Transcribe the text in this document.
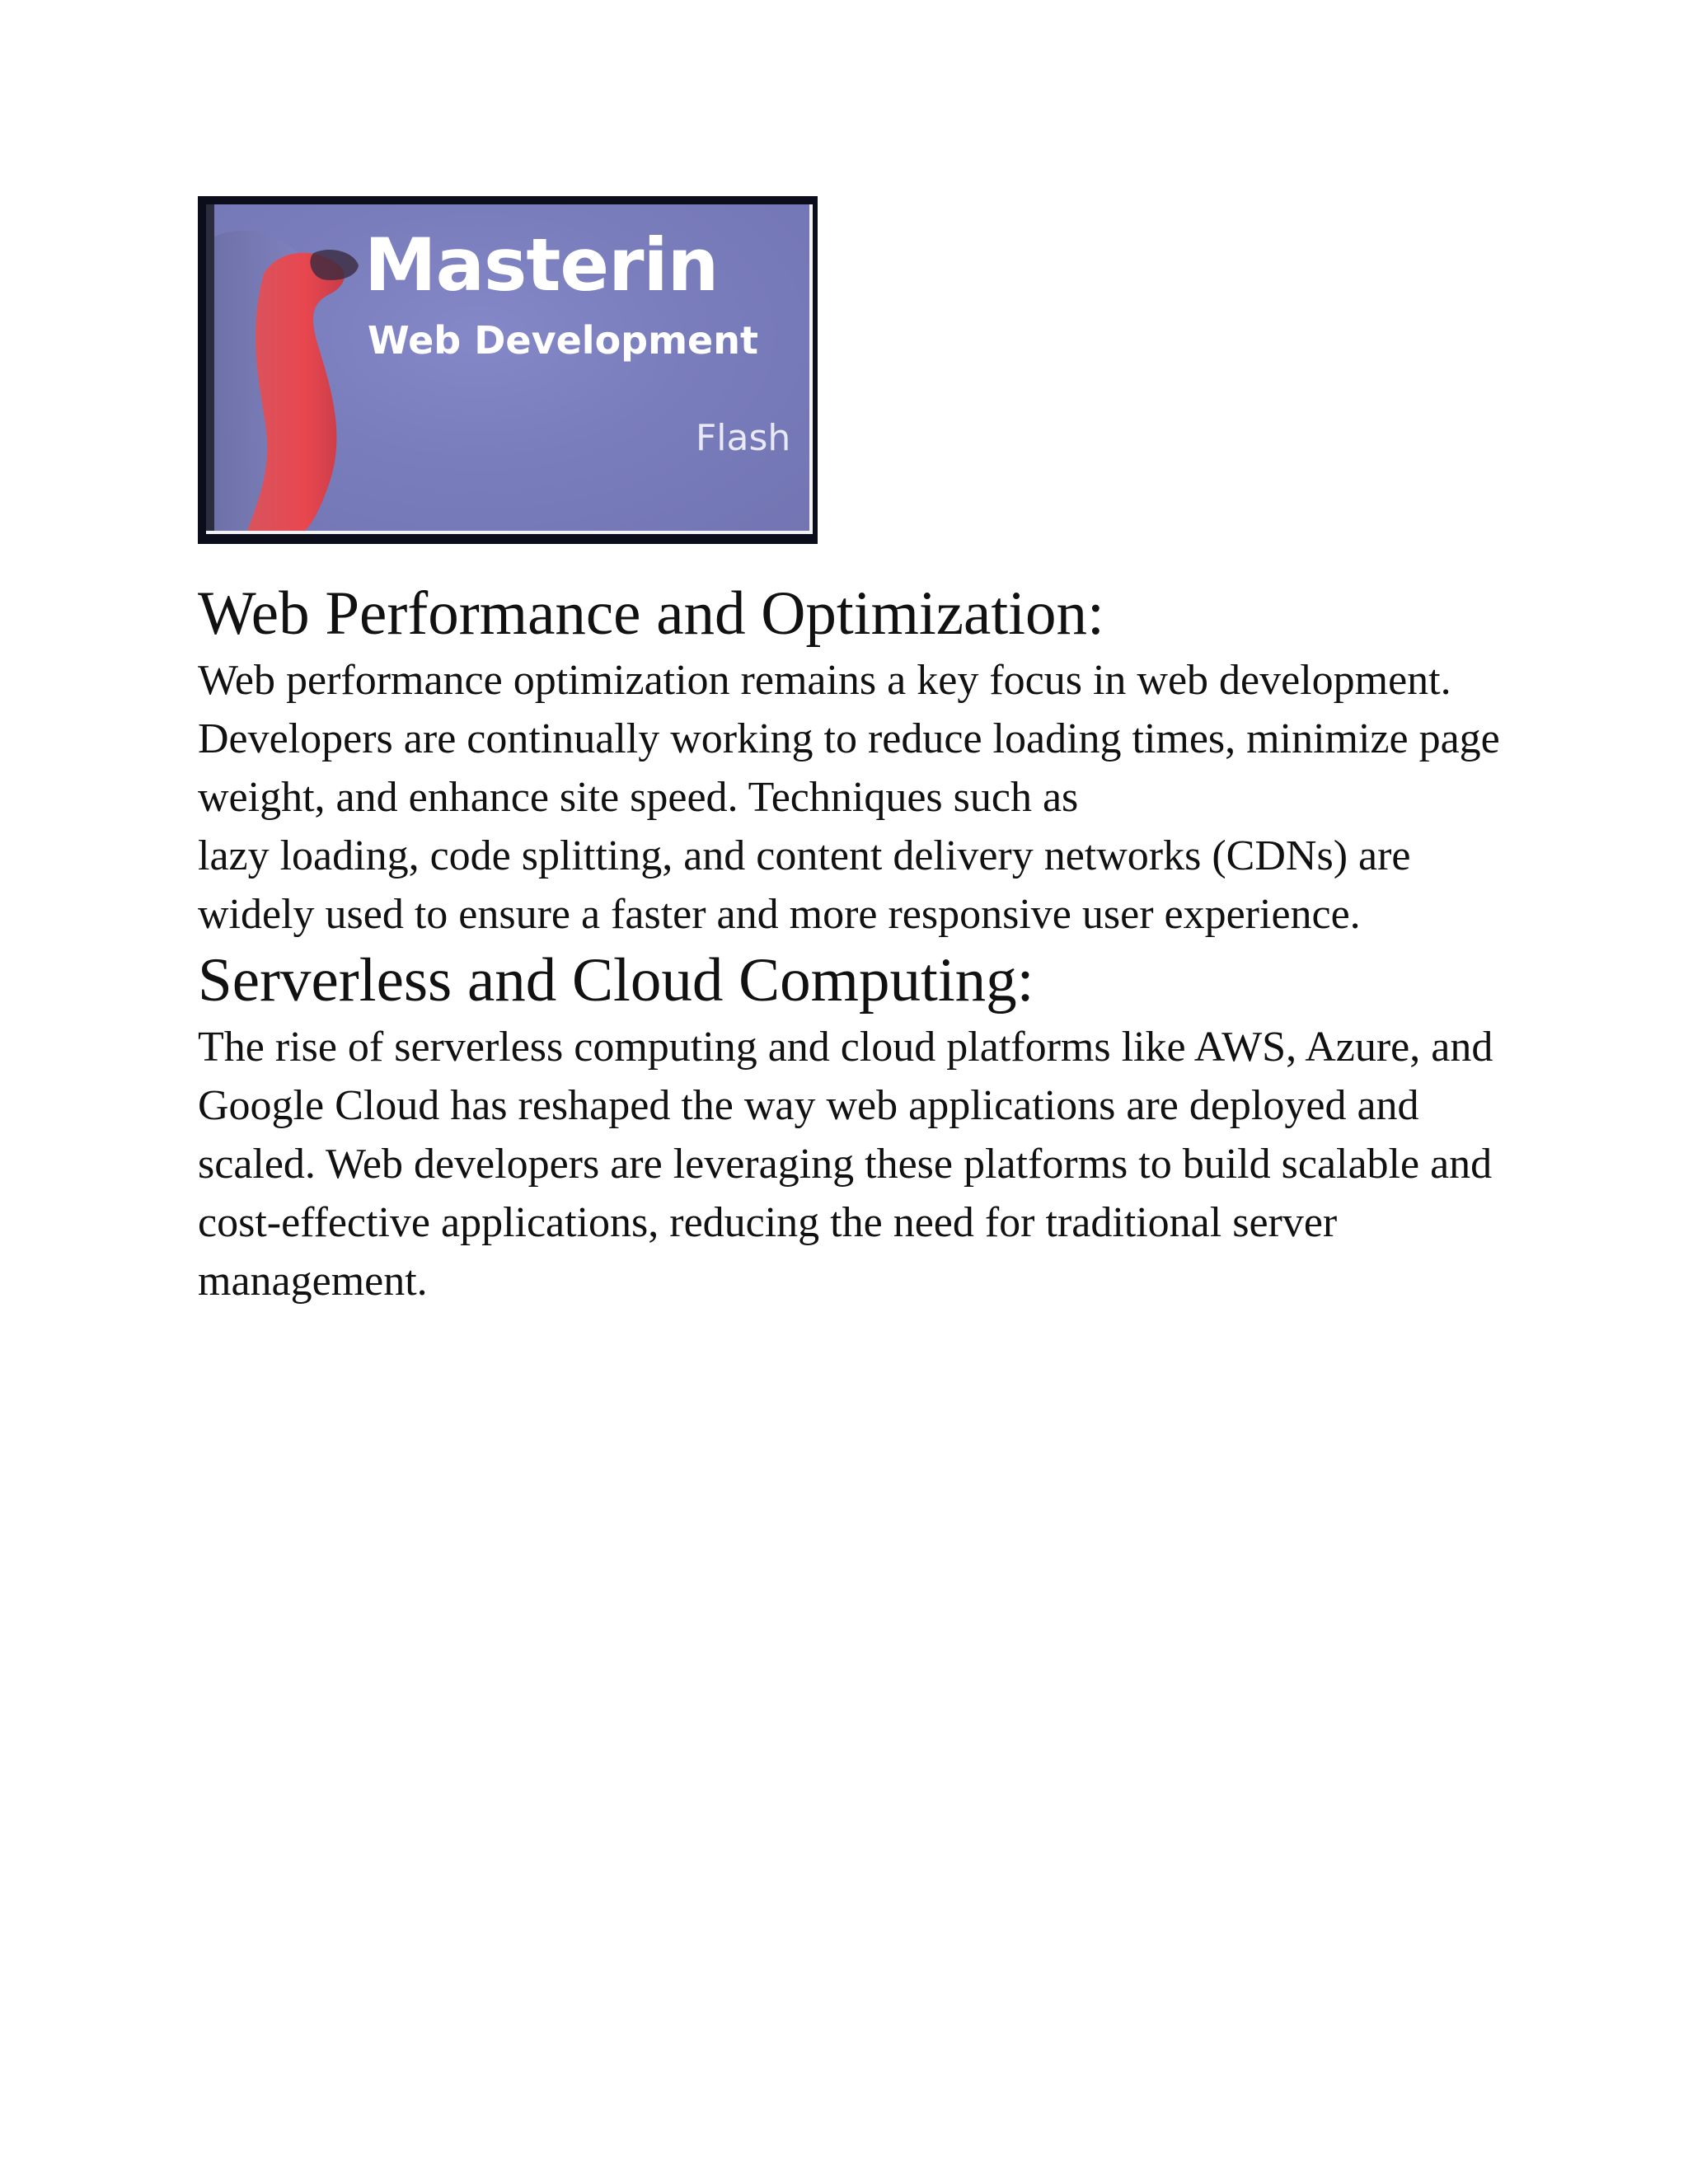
Masterin
Web Development
Flash
Web Performance and Optimization:

Web performance optimization remains a key focus in web development. Developers are continually working to reduce loading times, minimize page weight, and enhance site speed. Techniques such as

lazy loading, code splitting, and content delivery networks (CDNs) are widely used to ensure a faster and more responsive user experience.

Serverless and Cloud Computing:

The rise of serverless computing and cloud platforms like AWS, Azure, and Google Cloud has reshaped the way web applications are deployed and scaled. Web developers are leveraging these platforms to build scalable and cost-effective applications, reducing the need for traditional server management.
